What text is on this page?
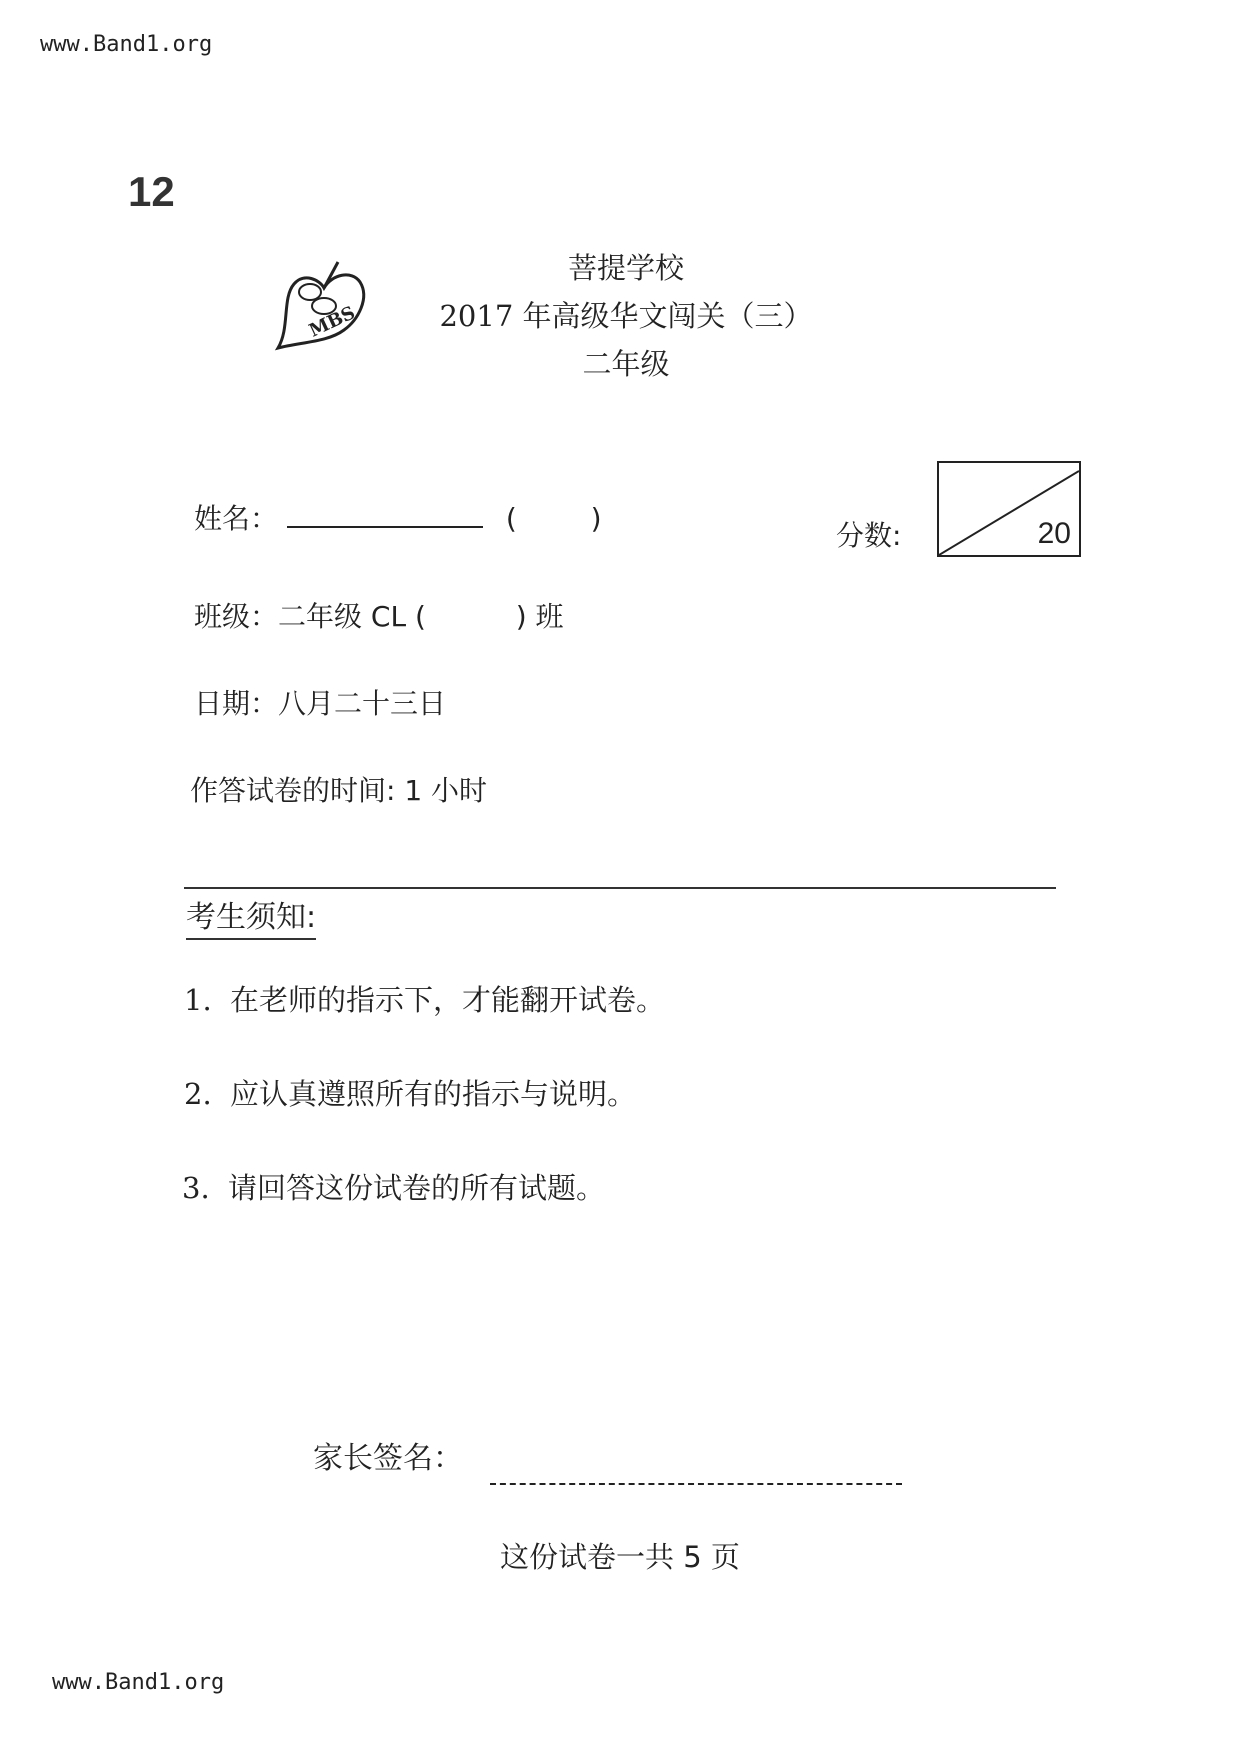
www.Band1.org
www.Band1.org
12
MBS
菩提学校
2017 年高级华文闯关（三）
二年级
姓名：	(	)
分数:	20
班级：二年级 CL (	) 班
日期：八月二十三日
作答试卷的时间: 1 小时
考生须知:
1. 在老师的指示下，才能翻开试卷。
2. 应认真遵照所有的指示与说明。
3. 请回答这份试卷的所有试题。
家长签名：
这份试卷一共 5 页
